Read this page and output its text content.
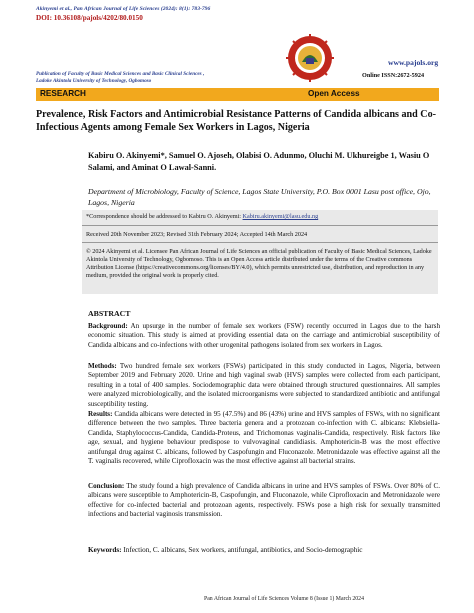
Akinyemi et al., Pan African Journal of Life Sciences (2024): 8(1): 783-796
DOI: 10.36108/pajols/4202/80.0150
www.pajols.org
Online ISSN:2672-5924
Publication of Faculty of Basic Medical Sciences and Basic Clinical Sciences ,
Ladoke Akintola University of Technology, Ogbomoso
RESEARCH	Open Access
Prevalence, Risk Factors and Antimicrobial Resistance Patterns of Candida albicans and Co-Infectious Agents among Female Sex Workers in Lagos, Nigeria
Kabiru O. Akinyemi*, Samuel O. Ajoseh, Olabisi O. Adunmo, Oluchi M. Ukhureigbe 1, Wasiu O Salami, and Aminat O Lawal-Sanni.
Department of Microbiology, Faculty of Science, Lagos State University, P.O. Box 0001 Lasu post office, Ojo, Lagos, Nigeria
*Correspondence should be addressed to Kabiru O. Akinyemi: Kabiru.akinyemi@lasu.edu.ng
Received 20th November 2023; Revised 31th February 2024; Accepted 14th March 2024
© 2024 Akinyemi et al. Licensee Pan African Journal of Life Sciences an official publication of Faculty of Basic Medical Sciences, Ladoke Akintola University of Technology, Ogbomoso. This is an Open Access article distributed under the terms of the Creative commons Attribution License (https://creativecommons.org/licenses/BY/4.0), which permits unrestricted use, distribution, and reproduction in any medium, provided the original work is properly cited.
ABSTRACT
Background: An upsurge in the number of female sex workers (FSW) recently occurred in Lagos due to the harsh economic situation. This study is aimed at providing essential data on the carriage and antimicrobial susceptibility of Candida albicans and co-infections with other urogenital pathogens isolated from sex workers in Lagos.
Methods: Two hundred female sex workers (FSWs) participated in this study conducted in Lagos, Nigeria, between September 2019 and February 2020. Urine and high vaginal swab (HVS) samples were collected from each participant, resulting in a total of 400 samples. Sociodemographic data were obtained through structured questionnaires. All samples were analyzed microbiologically, and the isolated microorganisms were subjected to standardized antibiotic and antifungal susceptibility testing.
Results: Candida albicans were detected in 95 (47.5%) and 86 (43%) urine and HVS samples of FSWs, with no significant difference between the two samples. Three bacteria genera and a protozoan co-infection with C. albicans: Klebsiella-Candida, Staphylococcus-Candida, Candida-Proteus, and Trichomonas vaginalis-Candida, respectively. Risk factors like age, sexual, and hygiene behaviour predispose to vulvovaginal candidiasis. Amphotericin-B was the most effective antifungal drug against C. albicans, followed by Caspofungin and Fluconazole. Metronidazole was effective against all the T. vaginalis recovered, while Ciprofloxacin was the most effective against all bacterial strains.
Conclusion: The study found a high prevalence of Candida albicans in urine and HVS samples of FSWs. Over 80% of C. albicans were susceptible to Amphotericin-B, Caspofungin, and Fluconazole, while Ciprofloxacin and Metronidazole were effective for co-infected bacterial and protozoan agents, respectively. FSWs pose a high risk for sexually transmitted infections and bacterial vaginosis transmission.
Keywords: Infection, C. albicans, Sex workers, antifungal, antibiotics, and Socio-demographic
Pan African Journal of Life Sciences Volume 8 (Issue 1) March 2024
